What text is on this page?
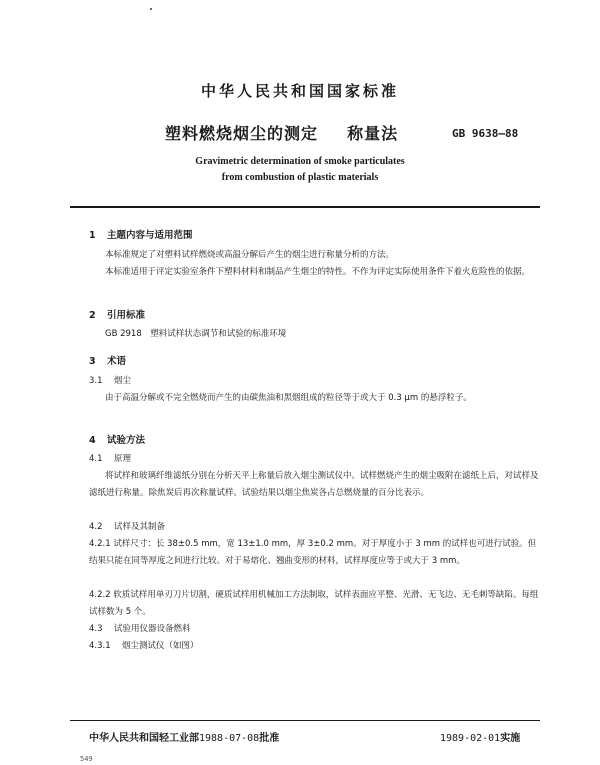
中华人民共和国国家标准
塑料燃烧烟尘的测定 称量法	GB 9638—88
Gravimetric determination of smoke particulates
from combustion of plastic materials
1 主题内容与适用范围
本标准规定了对塑料试样燃烧或高温分解后产生的烟尘进行称量分析的方法。
本标准适用于评定实验室条件下塑料材料和制品产生烟尘的特性。不作为评定实际使用条件下着火危险性的依据。
2 引用标准
GB 2918　塑料试样状态调节和试验的标准环境
3 术语
3.1 烟尘
由于高温分解或不完全燃烧而产生的由碳焦油和黑烟组成的粒径等于或大于 0.3 μm 的悬浮粒子。
4 试验方法
4.1 原理
将试样和玻璃纤维滤纸分别在分析天平上称量后放入烟尘测试仪中。试样燃烧产生的烟尘吸附在滤纸上后，对试样及滤纸进行称量。除焦炭后再次称量试样。试验结果以烟尘焦炭各占总燃烧量的百分比表示。
4.2 试样及其制备
4.2.1 试样尺寸：长 38±0.5 mm，宽 13±1.0 mm，厚 3±0.2 mm。对于厚度小于 3 mm 的试样也可进行试验。但结果只能在同等厚度之间进行比较。对于易熔化、翘曲变形的材料，试样厚度应等于或大于 3 mm。
4.2.2 软质试样用单刃刀片切割，硬质试样用机械加工方法制取，试样表面应平整、光滑、无飞边、无毛刺等缺陷。每组试样数为 5 个。
4.3 试验用仪器设备燃料
4.3.1 烟尘测试仪（如图）
中华人民共和国轻工业部1988-07-08批准	1989-02-01实施
549
